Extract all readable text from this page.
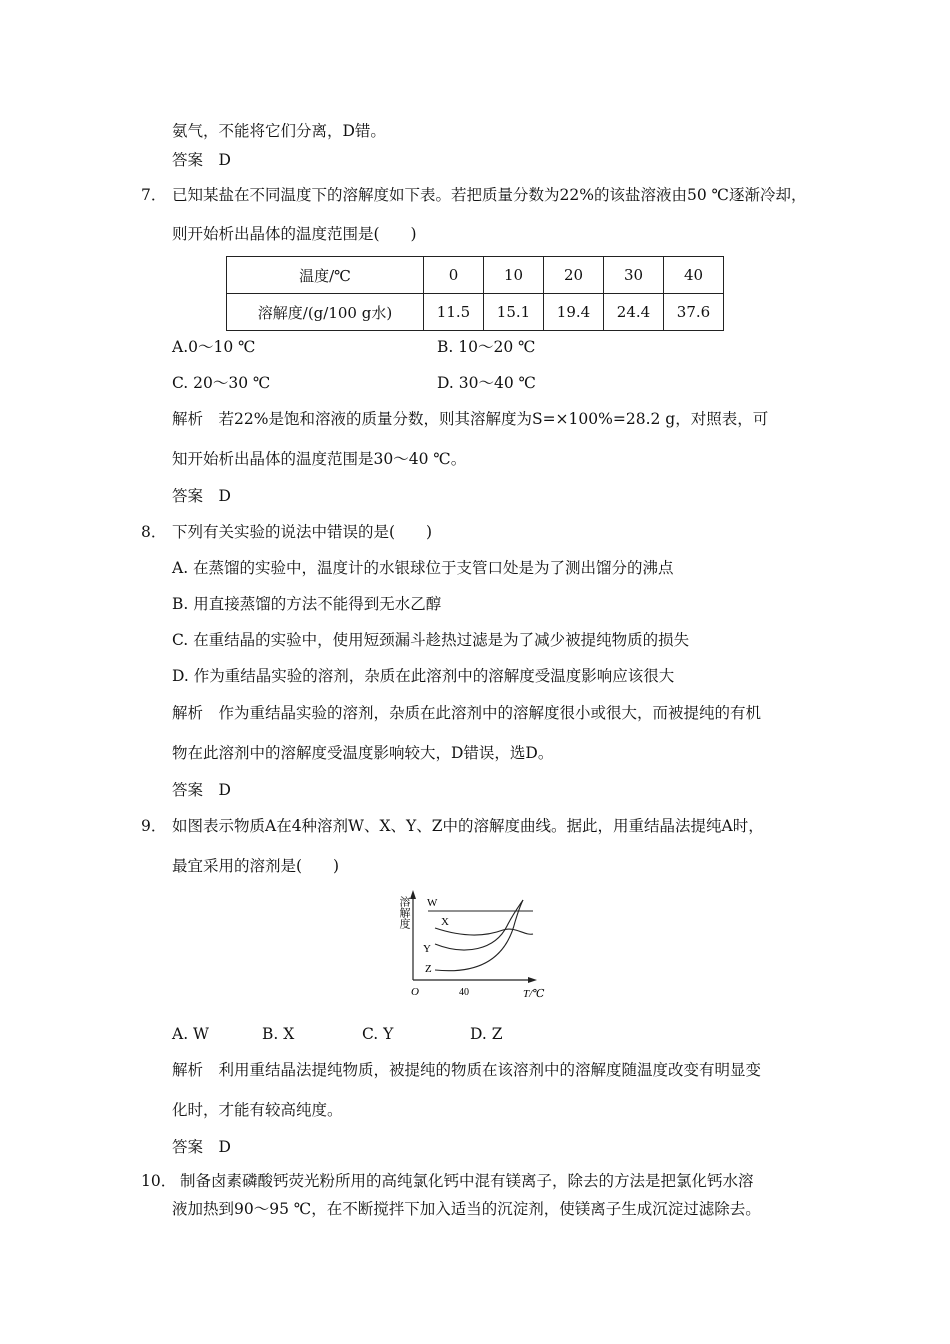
氨气，不能将它们分离，D错。
答案　D
7． 已知某盐在不同温度下的溶解度如下表。若把质量分数为22%的该盐溶液由50 ℃逐渐冷却，
则开始析出晶体的温度范围是(　　)
温度/℃	0	10	20	30	40
溶解度/(g/100 g水)	11.5	15.1	19.4	24.4	37.6
A.0～10 ℃	B. 10～20 ℃
C. 20～30 ℃	D. 30～40 ℃
解析　若22%是饱和溶液的质量分数，则其溶解度为S=×100%=28.2 g，对照表，可
知开始析出晶体的温度范围是30～40 ℃。
答案　D
8． 下列有关实验的说法中错误的是(　　)
A. 在蒸馏的实验中，温度计的水银球位于支管口处是为了测出馏分的沸点
B. 用直接蒸馏的方法不能得到无水乙醇
C. 在重结晶的实验中，使用短颈漏斗趁热过滤是为了减少被提纯物质的损失
D. 作为重结晶实验的溶剂，杂质在此溶剂中的溶解度受温度影响应该很大
解析　作为重结晶实验的溶剂，杂质在此溶剂中的溶解度很小或很大，而被提纯的有机
物在此溶剂中的溶解度受温度影响较大，D错误，选D。
答案　D
9． 如图表示物质A在4种溶剂W、X、Y、Z中的溶解度曲线。据此，用重结晶法提纯A时，
最宜采用的溶剂是(　　)
溶解度
O	40	T/℃
W
X
Y
Z
A. W	B. X	C. Y	D. Z
解析　利用重结晶法提纯物质，被提纯的物质在该溶剂中的溶解度随温度改变有明显变
化时，才能有较高纯度。
答案　D
10． 制备卤素磷酸钙荧光粉所用的高纯氯化钙中混有镁离子，除去的方法是把氯化钙水溶
液加热到90～95 ℃，在不断搅拌下加入适当的沉淀剂，使镁离子生成沉淀过滤除去。
